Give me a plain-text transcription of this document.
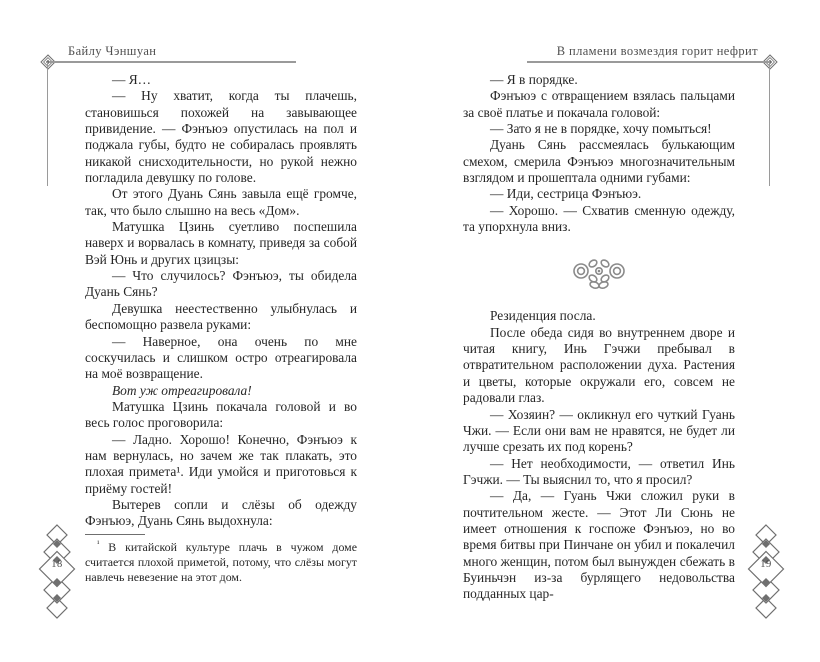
Байлу Чэншуан

— Я…

— Ну хватит, когда ты плачешь, становишься похожей на завывающее привидение. — Фэнъюэ опустилась на пол и поджала губы, будто не собиралась проявлять никакой снисходительности, но рукой нежно погладила девушку по голове.

От этого Дуань Сянь завыла ещё громче, так, что было слышно на весь «Дом».

Матушка Цзинь суетливо поспешила наверх и ворвалась в комнату, приведя за собой Вэй Юнь и других цзицзы:

— Что случилось? Фэнъюэ, ты обидела Дуань Сянь?

Девушка неестественно улыбнулась и беспомощно развела руками:

— Наверное, она очень по мне соскучилась и слишком остро отреагировала на моё возвращение.

Вот уж отреагировала!

Матушка Цзинь покачала головой и во весь голос проговорила:

— Ладно. Хорошо! Конечно, Фэнъюэ к нам вернулась, но зачем же так плакать, это плохая примета¹. Иди умойся и приготовься к приёму гостей!

Вытерев сопли и слёзы об одежду Фэнъюэ, Дуань Сянь выдохнула:

$^{^1}$ В китайской культуре плачь в чужом доме считается плохой приметой, потому, что слёзы могут навлечь невезение на этот дом.

18
В пламени возмездия горит нефрит

— Я в порядке.

Фэнъюэ с отвращением взялась пальцами за своё платье и покачала головой:

— Зато я не в порядке, хочу помыться!

Дуань Сянь рассмеялась булькающим смехом, смерила Фэнъюэ многозначительным взглядом и прошептала одними губами:

— Иди, сестрица Фэнъюэ.

— Хорошо. — Схватив сменную одежду, та упорхнула вниз.

Резиденция посла.

После обеда сидя во внутреннем дворе и читая книгу, Инь Гэчжи пребывал в отвратительном расположении духа. Растения и цветы, которые окружали его, совсем не радовали глаз.

— Хозяин? — окликнул его чуткий Гуань Чжи. — Если они вам не нравятся, не будет ли лучше срезать их под корень?

— Нет необходимости, — ответил Инь Гэчжи. — Ты выяснил то, что я просил?

— Да, — Гуань Чжи сложил руки в почтительном жесте. — Этот Ли Сюнь не имеет отношения к госпоже Фэнъюэ, но во время битвы при Пинчане он убил и покалечил много женщин, потом был вынужден сбежать в Буиньчэн из-за бурлящего недовольства подданных цар-

19
